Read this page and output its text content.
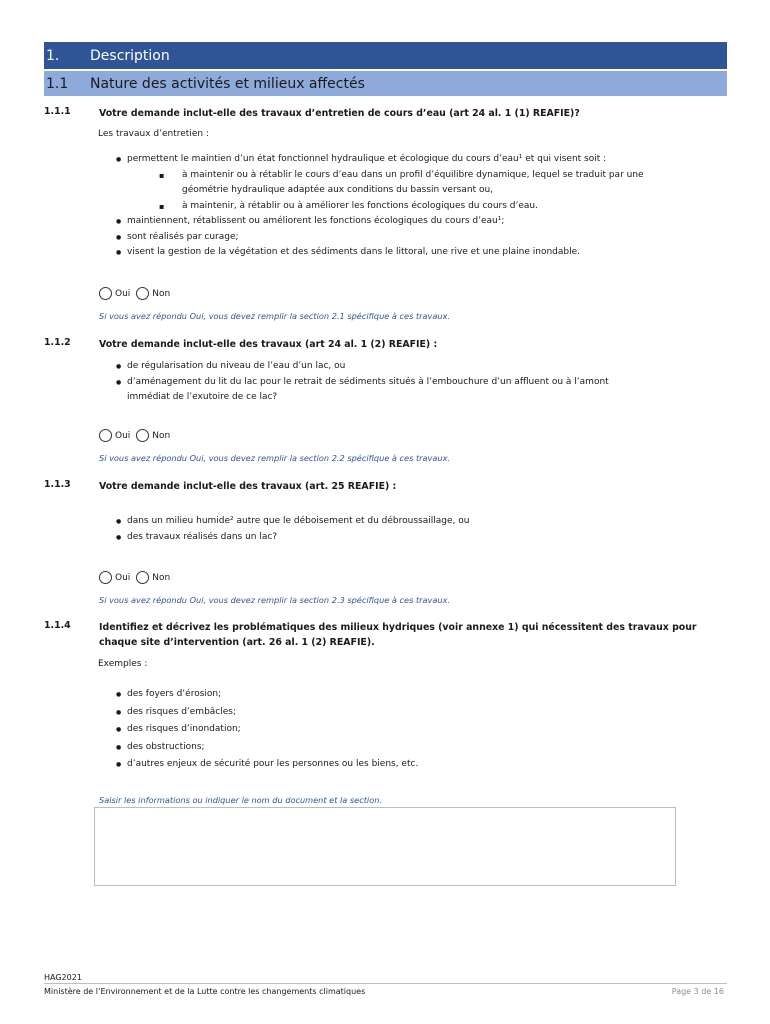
1.	Description
1.1	Nature des activités et milieux affectés
1.1.1	Votre demande inclut-elle des travaux d’entretien de cours d’eau (art 24 al. 1 (1) REAFIE)?
Les travaux d’entretien :
● permettent le maintien d’un état fonctionnel hydraulique et écologique du cours d’eau¹ et qui visent soit :
▪ à maintenir ou à rétablir le cours d’eau dans un profil d’équilibre dynamique, lequel se traduit par une
géométrie hydraulique adaptée aux conditions du bassin versant ou,
▪ à maintenir, à rétablir ou à améliorer les fonctions écologiques du cours d’eau.
● maintiennent, rétablissent ou améliorent les fonctions écologiques du cours d’eau¹;
● sont réalisés par curage;
● visent la gestion de la végétation et des sédiments dans le littoral, une rive et une plaine inondable.
Oui Non
Si vous avez répondu Oui, vous devez remplir la section 2.1 spécifique à ces travaux.
1.1.2	Votre demande inclut-elle des travaux (art 24 al. 1 (2) REAFIE) :
● de régularisation du niveau de l’eau d’un lac, ou
● d’aménagement du lit du lac pour le retrait de sédiments situés à l’embouchure d’un affluent ou à l’amont
immédiat de l’exutoire de ce lac?
Oui Non
Si vous avez répondu Oui, vous devez remplir la section 2.2 spécifique à ces travaux.
1.1.3	Votre demande inclut-elle des travaux (art. 25 REAFIE) :
● dans un milieu humide² autre que le déboisement et du débroussaillage, ou
● des travaux réalisés dans un lac?
Oui Non
Si vous avez répondu Oui, vous devez remplir la section 2.3 spécifique à ces travaux.
1.1.4	Identifiez et décrivez les problématiques des milieux hydriques (voir annexe 1) qui nécessitent des travaux pour chaque site d’intervention (art. 26 al. 1 (2) REAFIE).
Exemples :
● des foyers d’érosion;
● des risques d’embâcles;
● des risques d’inondation;
● des obstructions;
● d’autres enjeux de sécurité pour les personnes ou les biens, etc.
Saisir les informations ou indiquer le nom du document et la section.
HAG2021
Ministère de l’Environnement et de la Lutte contre les changements climatiques	Page 3 de 16
